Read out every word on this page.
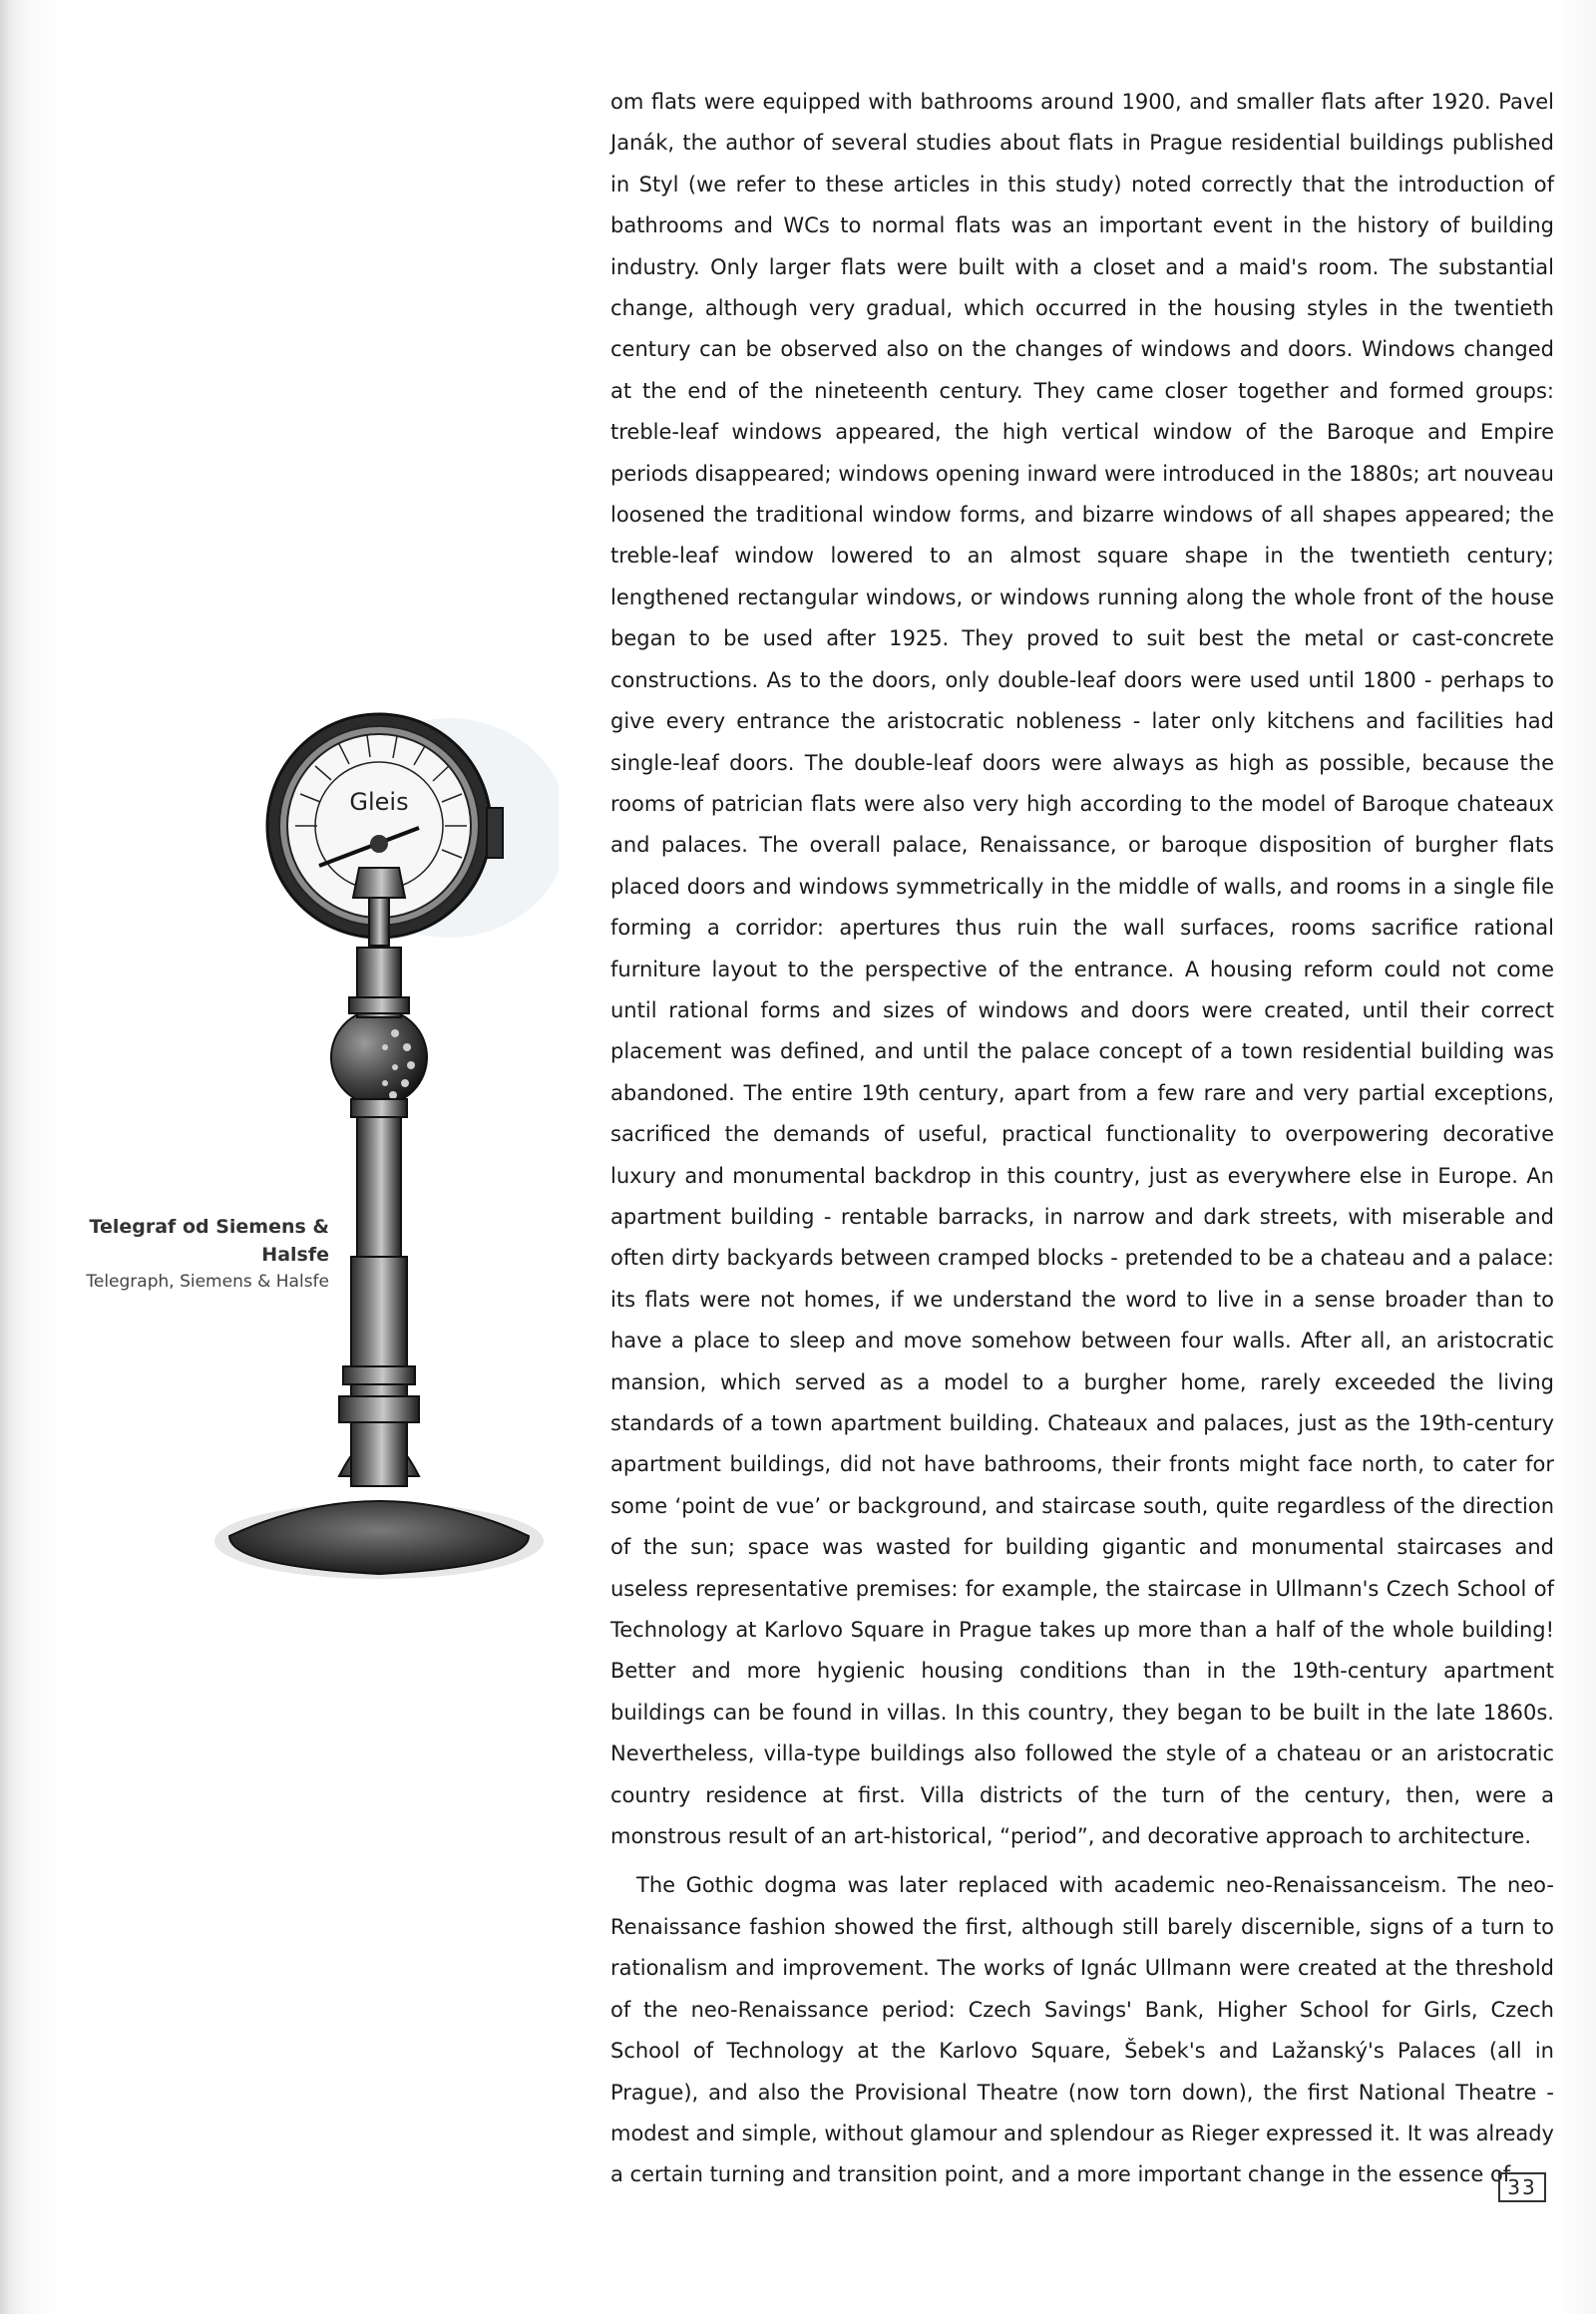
Gleis
Telegraf od Siemens & Halsfe
Telegraph, Siemens & Halsfe

om flats were equipped with bathrooms around 1900, and smaller flats after 1920. Pavel Janák, the author of several studies about flats in Prague residential buildings published in Styl (we refer to these articles in this study) noted correctly that the introduction of bathrooms and WCs to normal flats was an important event in the history of building industry. Only larger flats were built with a closet and a maid's room. The substantial change, although very gradual, which occurred in the housing styles in the twentieth century can be observed also on the changes of windows and doors. Windows changed at the end of the nineteenth century. They came closer together and formed groups: treble-leaf windows appeared, the high vertical window of the Baroque and Empire periods disappeared; windows opening inward were introduced in the 1880s; art nouveau loosened the traditional window forms, and bizarre windows of all shapes appeared; the treble-leaf window lowered to an almost square shape in the twentieth century; lengthened rectangular windows, or windows running along the whole front of the house began to be used after 1925. They proved to suit best the metal or cast-concrete constructions. As to the doors, only double-leaf doors were used until 1800 - perhaps to give every entrance the aristocratic nobleness - later only kitchens and facilities had single-leaf doors. The double-leaf doors were always as high as possible, because the rooms of patrician flats were also very high according to the model of Baroque chateaux and palaces. The overall palace, Renaissance, or baroque disposition of burgher flats placed doors and windows symmetrically in the middle of walls, and rooms in a single file forming a corridor: apertures thus ruin the wall surfaces, rooms sacrifice rational furniture layout to the perspective of the entrance. A housing reform could not come until rational forms and sizes of windows and doors were created, until their correct placement was defined, and until the palace concept of a town residential building was abandoned. The entire 19th century, apart from a few rare and very partial exceptions, sacrificed the demands of useful, practical functionality to overpowering decorative luxury and monumental backdrop in this country, just as everywhere else in Europe. An apartment building - rentable barracks, in narrow and dark streets, with miserable and often dirty backyards between cramped blocks - pretended to be a chateau and a palace: its flats were not homes, if we understand the word to live in a sense broader than to have a place to sleep and move somehow between four walls. After all, an aristocratic mansion, which served as a model to a burgher home, rarely exceeded the living standards of a town apartment building. Chateaux and palaces, just as the 19th-century apartment buildings, did not have bathrooms, their fronts might face north, to cater for some ‘point de vue’ or background, and staircase south, quite regardless of the direction of the sun; space was wasted for building gigantic and monumental staircases and useless representative premises: for example, the staircase in Ullmann's Czech School of Technology at Karlovo Square in Prague takes up more than a half of the whole building! Better and more hygienic housing conditions than in the 19th-century apartment buildings can be found in villas. In this country, they began to be built in the late 1860s. Nevertheless, villa-type buildings also followed the style of a chateau or an aristocratic country residence at first. Villa districts of the turn of the century, then, were a monstrous result of an art-historical, “period”, and decorative approach to architecture.

The Gothic dogma was later replaced with academic neo-Renaissanceism. The neo-Renaissance fashion showed the first, although still barely discernible, signs of a turn to rationalism and improvement. The works of Ignác Ullmann were created at the threshold of the neo-Renaissance period: Czech Savings' Bank, Higher School for Girls, Czech School of Technology at the Karlovo Square, Šebek's and Lažanský's Palaces (all in Prague), and also the Provisional Theatre (now torn down), the first National Theatre - modest and simple, without glamour and splendour as Rieger expressed it. It was already a certain turning and transition point, and a more important change in the essence of

33
